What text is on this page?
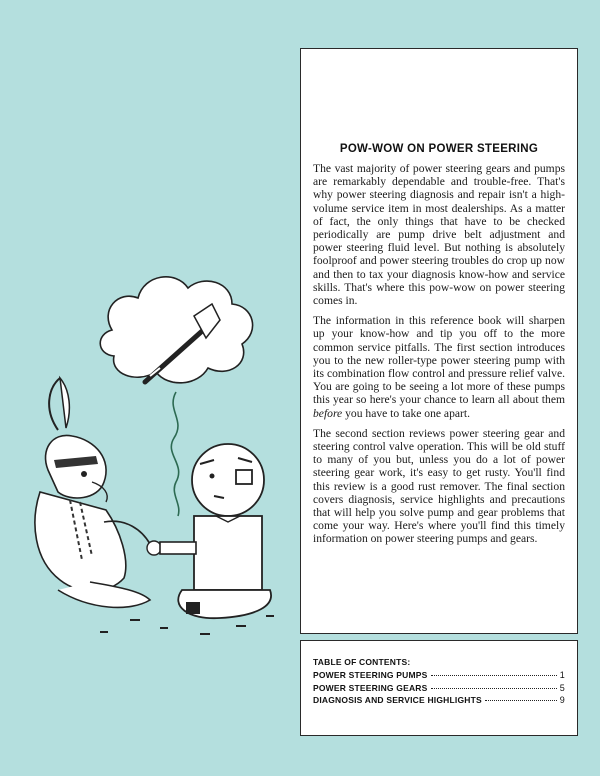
POW-WOW ON POWER STEERING

The vast majority of power steering gears and pumps are remarkably dependable and trouble-free. That's why power steering diagnosis and repair isn't a high-volume service item in most dealerships. As a matter of fact, the only things that have to be checked periodically are pump drive belt adjustment and power steering fluid level. But nothing is absolutely foolproof and power steering troubles do crop up now and then to tax your diagnosis know-how and service skills. That's where this pow-wow on power steering comes in.

The information in this reference book will sharpen up your know-how and tip you off to the more common service pitfalls. The first section introduces you to the new roller-type power steering pump with its combination flow control and pressure relief valve. You are going to be seeing a lot more of these pumps this year so here's your chance to learn all about them before you have to take one apart.

The second section reviews power steering gear and steering control valve operation. This will be old stuff to many of you but, unless you do a lot of power steering gear work, it's easy to get rusty. You'll find this review is a good rust remover. The final section covers diagnosis, service highlights and precautions that will help you solve pump and gear problems that come your way. Here's where you'll find this timely information on power steering pumps and gears.

TABLE OF CONTENTS:
POWER STEERING PUMPS	1
POWER STEERING GEARS	5
DIAGNOSIS AND SERVICE HIGHLIGHTS	9
